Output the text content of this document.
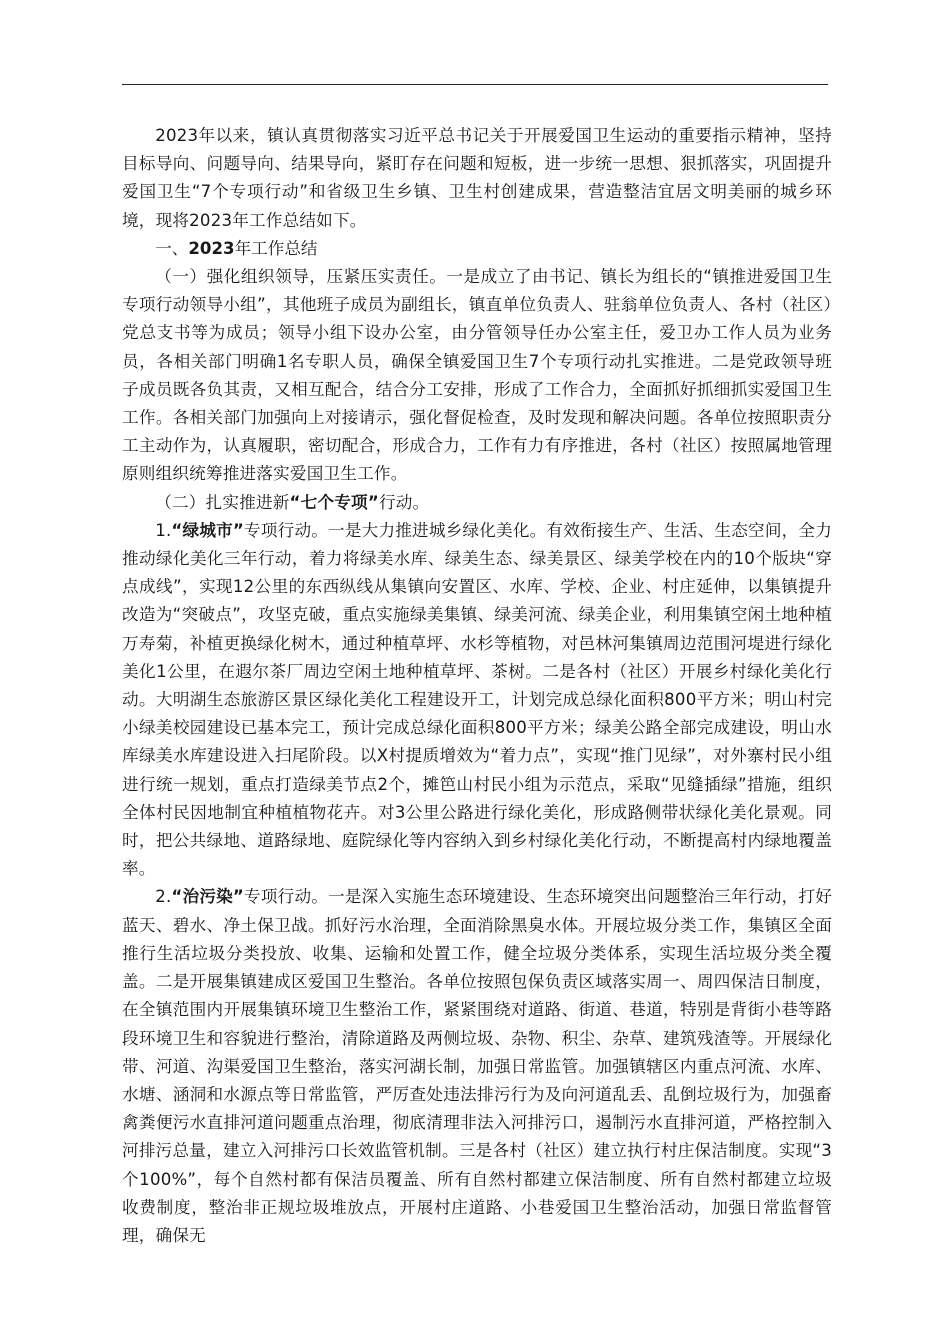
2023年以来，镇认真贯彻落实习近平总书记关于开展爱国卫生运动的重要指示精神，坚持目标导向、问题导向、结果导向，紧盯存在问题和短板，进一步统一思想、狠抓落实，巩固提升爱国卫生“7个专项行动”和省级卫生乡镇、卫生村创建成果，营造整洁宜居文明美丽的城乡环境，现将2023年工作总结如下。

一、2023年工作总结

（一）强化组织领导，压紧压实责任。一是成立了由书记、镇长为组长的“镇推进爱国卫生专项行动领导小组”，其他班子成员为副组长，镇直单位负责人、驻翁单位负责人、各村（社区）党总支书等为成员；领导小组下设办公室，由分管领导任办公室主任，爱卫办工作人员为业务员，各相关部门明确1名专职人员，确保全镇爱国卫生7个专项行动扎实推进。二是党政领导班子成员既各负其责，又相互配合，结合分工安排，形成了工作合力，全面抓好抓细抓实爱国卫生工作。各相关部门加强向上对接请示，强化督促检查，及时发现和解决问题。各单位按照职责分工主动作为，认真履职，密切配合，形成合力，工作有力有序推进，各村（社区）按照属地管理原则组织统筹推进落实爱国卫生工作。

（二）扎实推进新“七个专项”行动。

1.“绿城市”专项行动。一是大力推进城乡绿化美化。有效衔接生产、生活、生态空间，全力推动绿化美化三年行动，着力将绿美水库、绿美生态、绿美景区、绿美学校在内的10个版块“穿点成线”，实现12公里的东西纵线从集镇向安置区、水库、学校、企业、村庄延伸，以集镇提升改造为“突破点”，攻坚克破，重点实施绿美集镇、绿美河流、绿美企业，利用集镇空闲土地种植万寿菊，补植更换绿化树木，通过种植草坪、水杉等植物，对邑林河集镇周边范围河堤进行绿化美化1公里，在遐尔茶厂周边空闲土地种植草坪、茶树。二是各村（社区）开展乡村绿化美化行动。大明湖生态旅游区景区绿化美化工程建设开工，计划完成总绿化面积800平方米；明山村完小绿美校园建设已基本完工，预计完成总绿化面积800平方米；绿美公路全部完成建设，明山水库绿美水库建设进入扫尾阶段。以X村提质增效为“着力点”，实现“推门见绿”，对外寨村民小组进行统一规划，重点打造绿美节点2个，摊笆山村民小组为示范点，采取“见缝插绿”措施，组织全体村民因地制宜种植植物花卉。对3公里公路进行绿化美化，形成路侧带状绿化美化景观。同时，把公共绿地、道路绿地、庭院绿化等内容纳入到乡村绿化美化行动，不断提高村内绿地覆盖率。

2.“治污染”专项行动。一是深入实施生态环境建设、生态环境突出问题整治三年行动，打好蓝天、碧水、净土保卫战。抓好污水治理，全面消除黑臭水体。开展垃圾分类工作，集镇区全面推行生活垃圾分类投放、收集、运输和处置工作，健全垃圾分类体系，实现生活垃圾分类全覆盖。二是开展集镇建成区爱国卫生整治。各单位按照包保负责区域落实周一、周四保洁日制度，在全镇范围内开展集镇环境卫生整治工作，紧紧围绕对道路、街道、巷道，特别是背街小巷等路段环境卫生和容貌进行整治，清除道路及两侧垃圾、杂物、积尘、杂草、建筑残渣等。开展绿化带、河道、沟渠爱国卫生整治，落实河湖长制，加强日常监管。加强镇辖区内重点河流、水库、水塘、涵洞和水源点等日常监管，严厉查处违法排污行为及向河道乱丢、乱倒垃圾行为，加强畜禽粪便污水直排河道问题重点治理，彻底清理非法入河排污口，遏制污水直排河道，严格控制入河排污总量，建立入河排污口长效监管机制。三是各村（社区）建立执行村庄保洁制度。实现“3个100%”，每个自然村都有保洁员覆盖、所有自然村都建立保洁制度、所有自然村都建立垃圾收费制度，整治非正规垃圾堆放点，开展村庄道路、小巷爱国卫生整治活动，加强日常监督管理，确保无
